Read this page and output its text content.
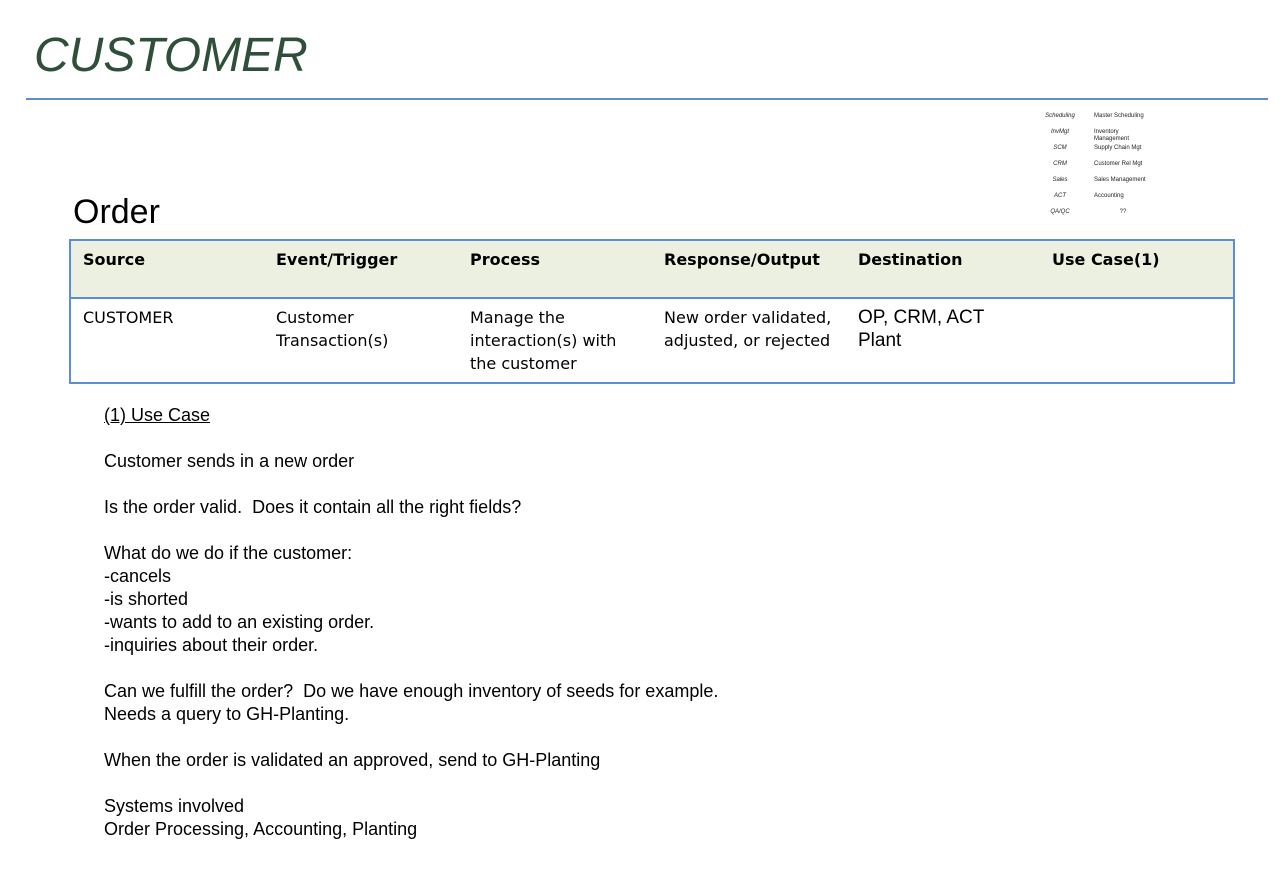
CUSTOMER
Scheduling	Master Scheduling
InvMgt	Inventory Management
SCM	Supply Chain Mgt
CRM	Customer Rel Mgt
Sales	Sales Management
ACT	Accounting
QA/QC	??
Order
Source	Event/Trigger	Process	Response/Output	Destination	Use Case(1)
CUSTOMER	Customer Transaction(s)	Manage the interaction(s) with the customer	New order validated, adjusted, or rejected	OP, CRM, ACT Plant	
(1) Use Case
Customer sends in a new order
Is the order valid.  Does it contain all the right fields?
What do we do if the customer:
-cancels
-is shorted
-wants to add to an existing order.
-inquiries about their order.
Can we fulfill the order?  Do we have enough inventory of seeds for example.
Needs a query to GH-Planting.
When the order is validated an approved, send to GH-Planting
Systems involved
Order Processing, Accounting, Planting
